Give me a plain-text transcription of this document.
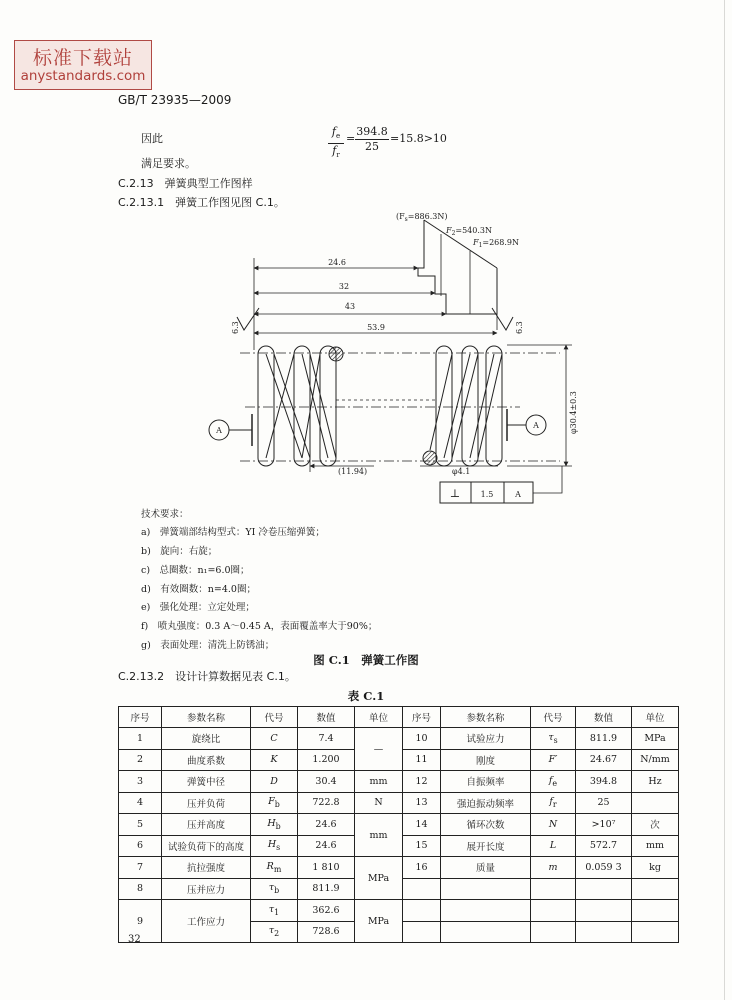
标准下载站
anystandards.com
GB/T 23935—2009
因此	$\frac{f_e}{f_r} \frac{394.8}{25}$
=	=15.8>10
满足要求。
C.2.13　弹簧典型工作图样
C.2.13.1　弹簧工作图见图 C.1。
$(F_s=886.3N)$
$F_2=540.3N$
$F_1=268.9N$
24.6
32
43
53.9
6.3	6.3
A
A
(11.94)	φ4.1
φ30.4±0.3
⊥	1.5	A
技术要求：
a)　弹簧端部结构型式：YI 冷卷压缩弹簧；
b)　旋向：右旋；
c)　总圈数：n₁=6.0圈；
d)　有效圈数：n=4.0圈；
e)　强化处理：立定处理；
f)　喷丸强度：0.3 A～0.45 A，表面覆盖率大于90%；
g)　表面处理：清洗上防锈油；
图 C.1　弹簧工作图
C.2.13.2　设计计算数据见表 C.1。
表 C.1
序号	参数名称	代号	数值	单位	序号	参数名称	代号	数值	单位
1	旋绕比	C	7.4	—	10	试验应力	$\tau_s$	811.9	MPa
2	曲度系数	K	1.200		11	刚度	F′	24.67	N/mm
3	弹簧中径	D	30.4	mm	12	自振频率	$f_e$	394.8	Hz
4	压并负荷	$F_b$	722.8	N	13	强迫振动频率	$f_r$	25	
5	压并高度	$H_b$	24.6	mm	14	循环次数	N	>10⁷	次
6	试验负荷下的高度	$H_s$	24.6		15	展开长度	L	572.7	mm
7	抗拉强度	$R_m$	1 810	MPa	16	质量	m	0.059 3	kg
8	压并应力	$\tau_b$	811.9						
9	工作应力	$\tau_1$	362.6	MPa					
		$\tau_2$	728.6						
32
